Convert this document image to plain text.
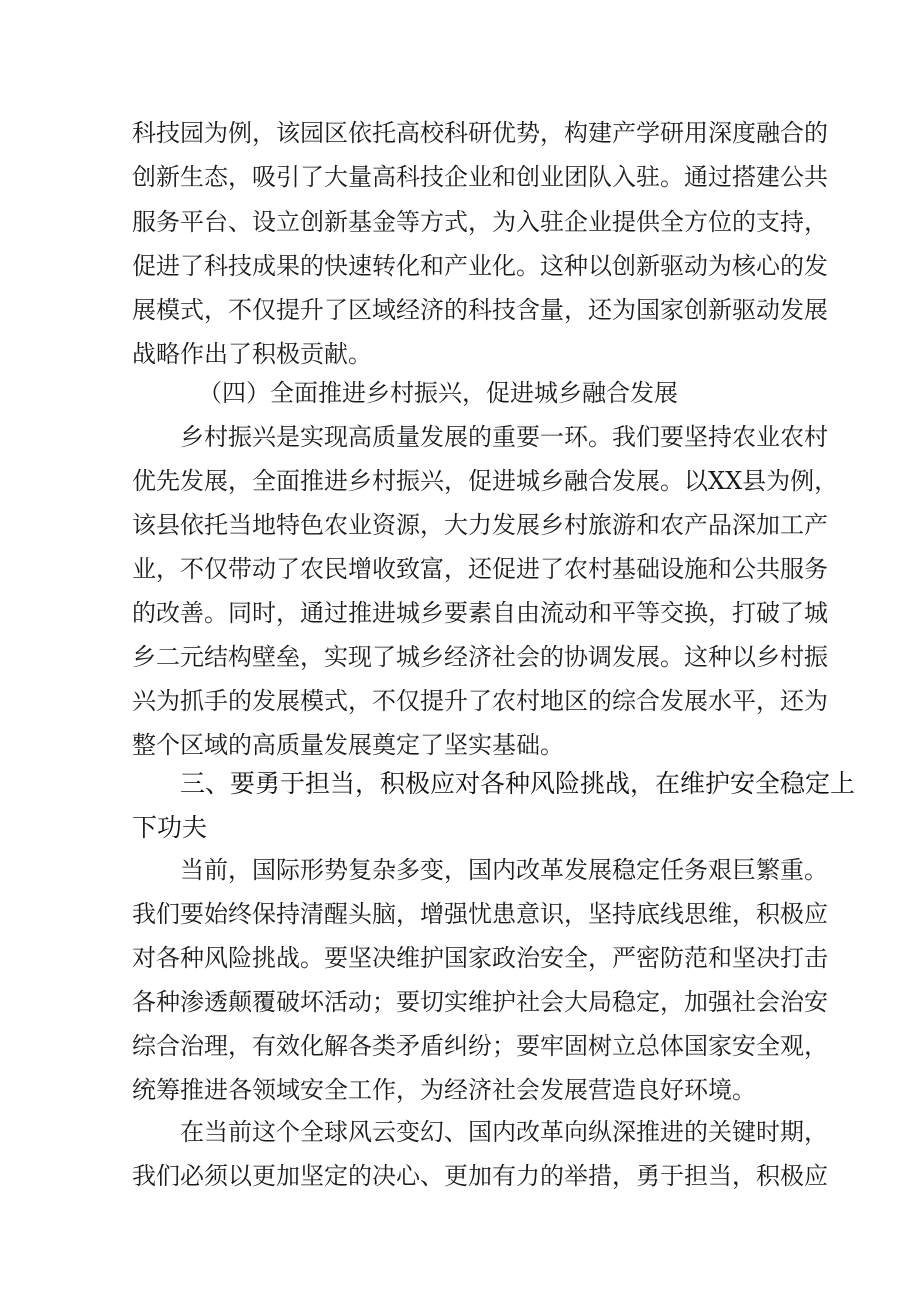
科技园为例，该园区依托高校科研优势，构建产学研用深度融合的
创新生态，吸引了大量高科技企业和创业团队入驻。通过搭建公共
服务平台、设立创新基金等方式，为入驻企业提供全方位的支持，
促进了科技成果的快速转化和产业化。这种以创新驱动为核心的发
展模式，不仅提升了区域经济的科技含量，还为国家创新驱动发展
战略作出了积极贡献。
（四）全面推进乡村振兴，促进城乡融合发展
乡村振兴是实现高质量发展的重要一环。我们要坚持农业农村
优先发展，全面推进乡村振兴，促进城乡融合发展。以XX县为例，
该县依托当地特色农业资源，大力发展乡村旅游和农产品深加工产
业，不仅带动了农民增收致富，还促进了农村基础设施和公共服务
的改善。同时，通过推进城乡要素自由流动和平等交换，打破了城
乡二元结构壁垒，实现了城乡经济社会的协调发展。这种以乡村振
兴为抓手的发展模式，不仅提升了农村地区的综合发展水平，还为
整个区域的高质量发展奠定了坚实基础。
三、要勇于担当，积极应对各种风险挑战，在维护安全稳定上
下功夫
当前，国际形势复杂多变，国内改革发展稳定任务艰巨繁重。
我们要始终保持清醒头脑，增强忧患意识，坚持底线思维，积极应
对各种风险挑战。要坚决维护国家政治安全，严密防范和坚决打击
各种渗透颠覆破坏活动；要切实维护社会大局稳定，加强社会治安
综合治理，有效化解各类矛盾纠纷；要牢固树立总体国家安全观，
统筹推进各领域安全工作，为经济社会发展营造良好环境。
在当前这个全球风云变幻、国内改革向纵深推进的关键时期，
我们必须以更加坚定的决心、更加有力的举措，勇于担当，积极应
